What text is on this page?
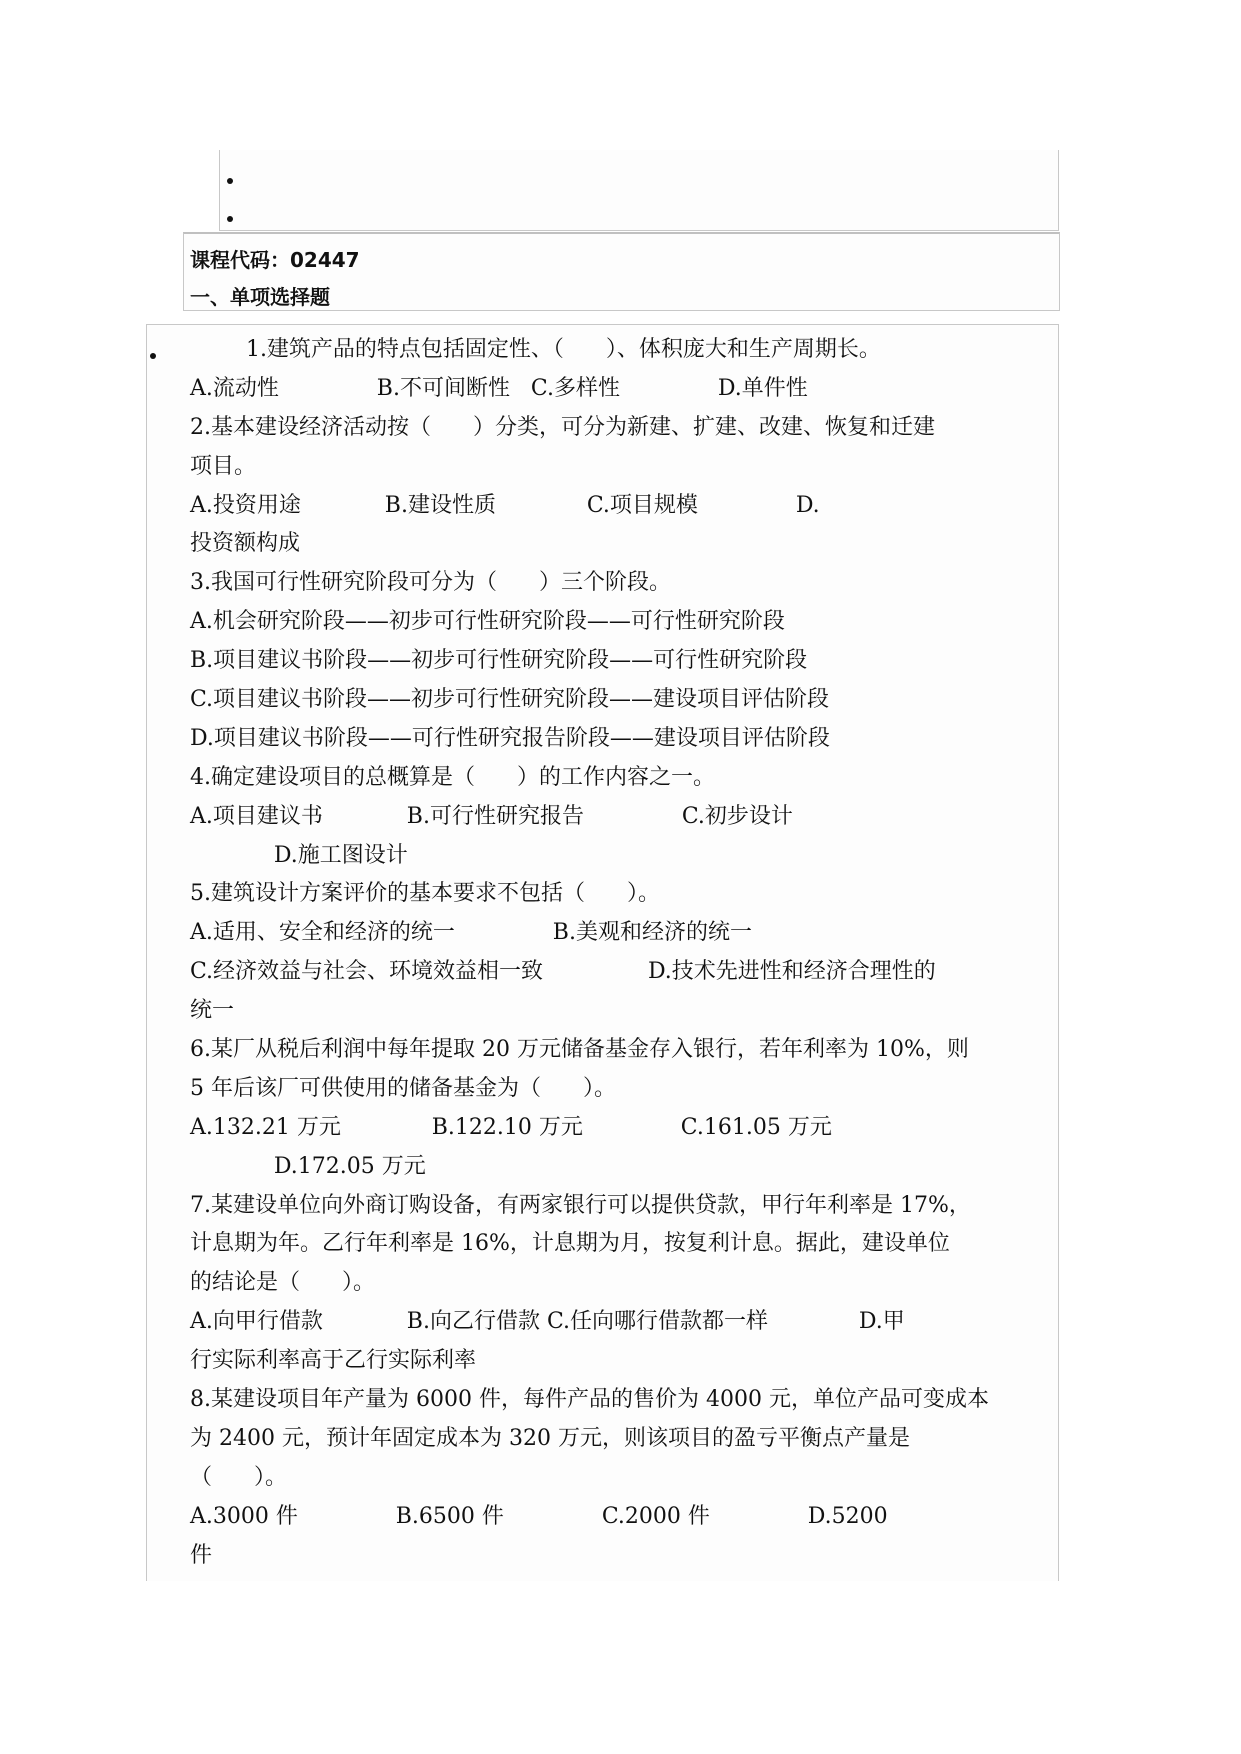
课程代码：02447

一、单项选择题

1.建筑产品的特点包括固定性、（      ）、体积庞大和生产周期长。
A.流动性              B.不可间断性   C.多样性              D.单件性
2.基本建设经济活动按（      ）分类，可分为新建、扩建、改建、恢复和迁建
项目。
A.投资用途            B.建设性质             C.项目规模              D.
投资额构成
3.我国可行性研究阶段可分为（      ）三个阶段。
A.机会研究阶段——初步可行性研究阶段——可行性研究阶段
B.项目建议书阶段——初步可行性研究阶段——可行性研究阶段
C.项目建议书阶段——初步可行性研究阶段——建设项目评估阶段
D.项目建议书阶段——可行性研究报告阶段——建设项目评估阶段
4.确定建设项目的总概算是（      ）的工作内容之一。
A.项目建议书            B.可行性研究报告              C.初步设计
D.施工图设计
5.建筑设计方案评价的基本要求不包括（      ）。
A.适用、安全和经济的统一              B.美观和经济的统一
C.经济效益与社会、环境效益相一致               D.技术先进性和经济合理性的
统一
6.某厂从税后利润中每年提取 20 万元储备基金存入银行，若年利率为 10%，则
5 年后该厂可供使用的储备基金为（      ）。
A.132.21 万元             B.122.10 万元              C.161.05 万元
D.172.05 万元
7.某建设单位向外商订购设备，有两家银行可以提供贷款，甲行年利率是 17%，
计息期为年。乙行年利率是 16%，计息期为月，按复利计息。据此，建设单位
的结论是（      ）。
A.向甲行借款            B.向乙行借款 C.任向哪行借款都一样             D.甲
行实际利率高于乙行实际利率
8.某建设项目年产量为 6000 件，每件产品的售价为 4000 元，单位产品可变成本
为 2400 元，预计年固定成本为 320 万元，则该项目的盈亏平衡点产量是
（      ）。
A.3000 件              B.6500 件              C.2000 件              D.5200
件
